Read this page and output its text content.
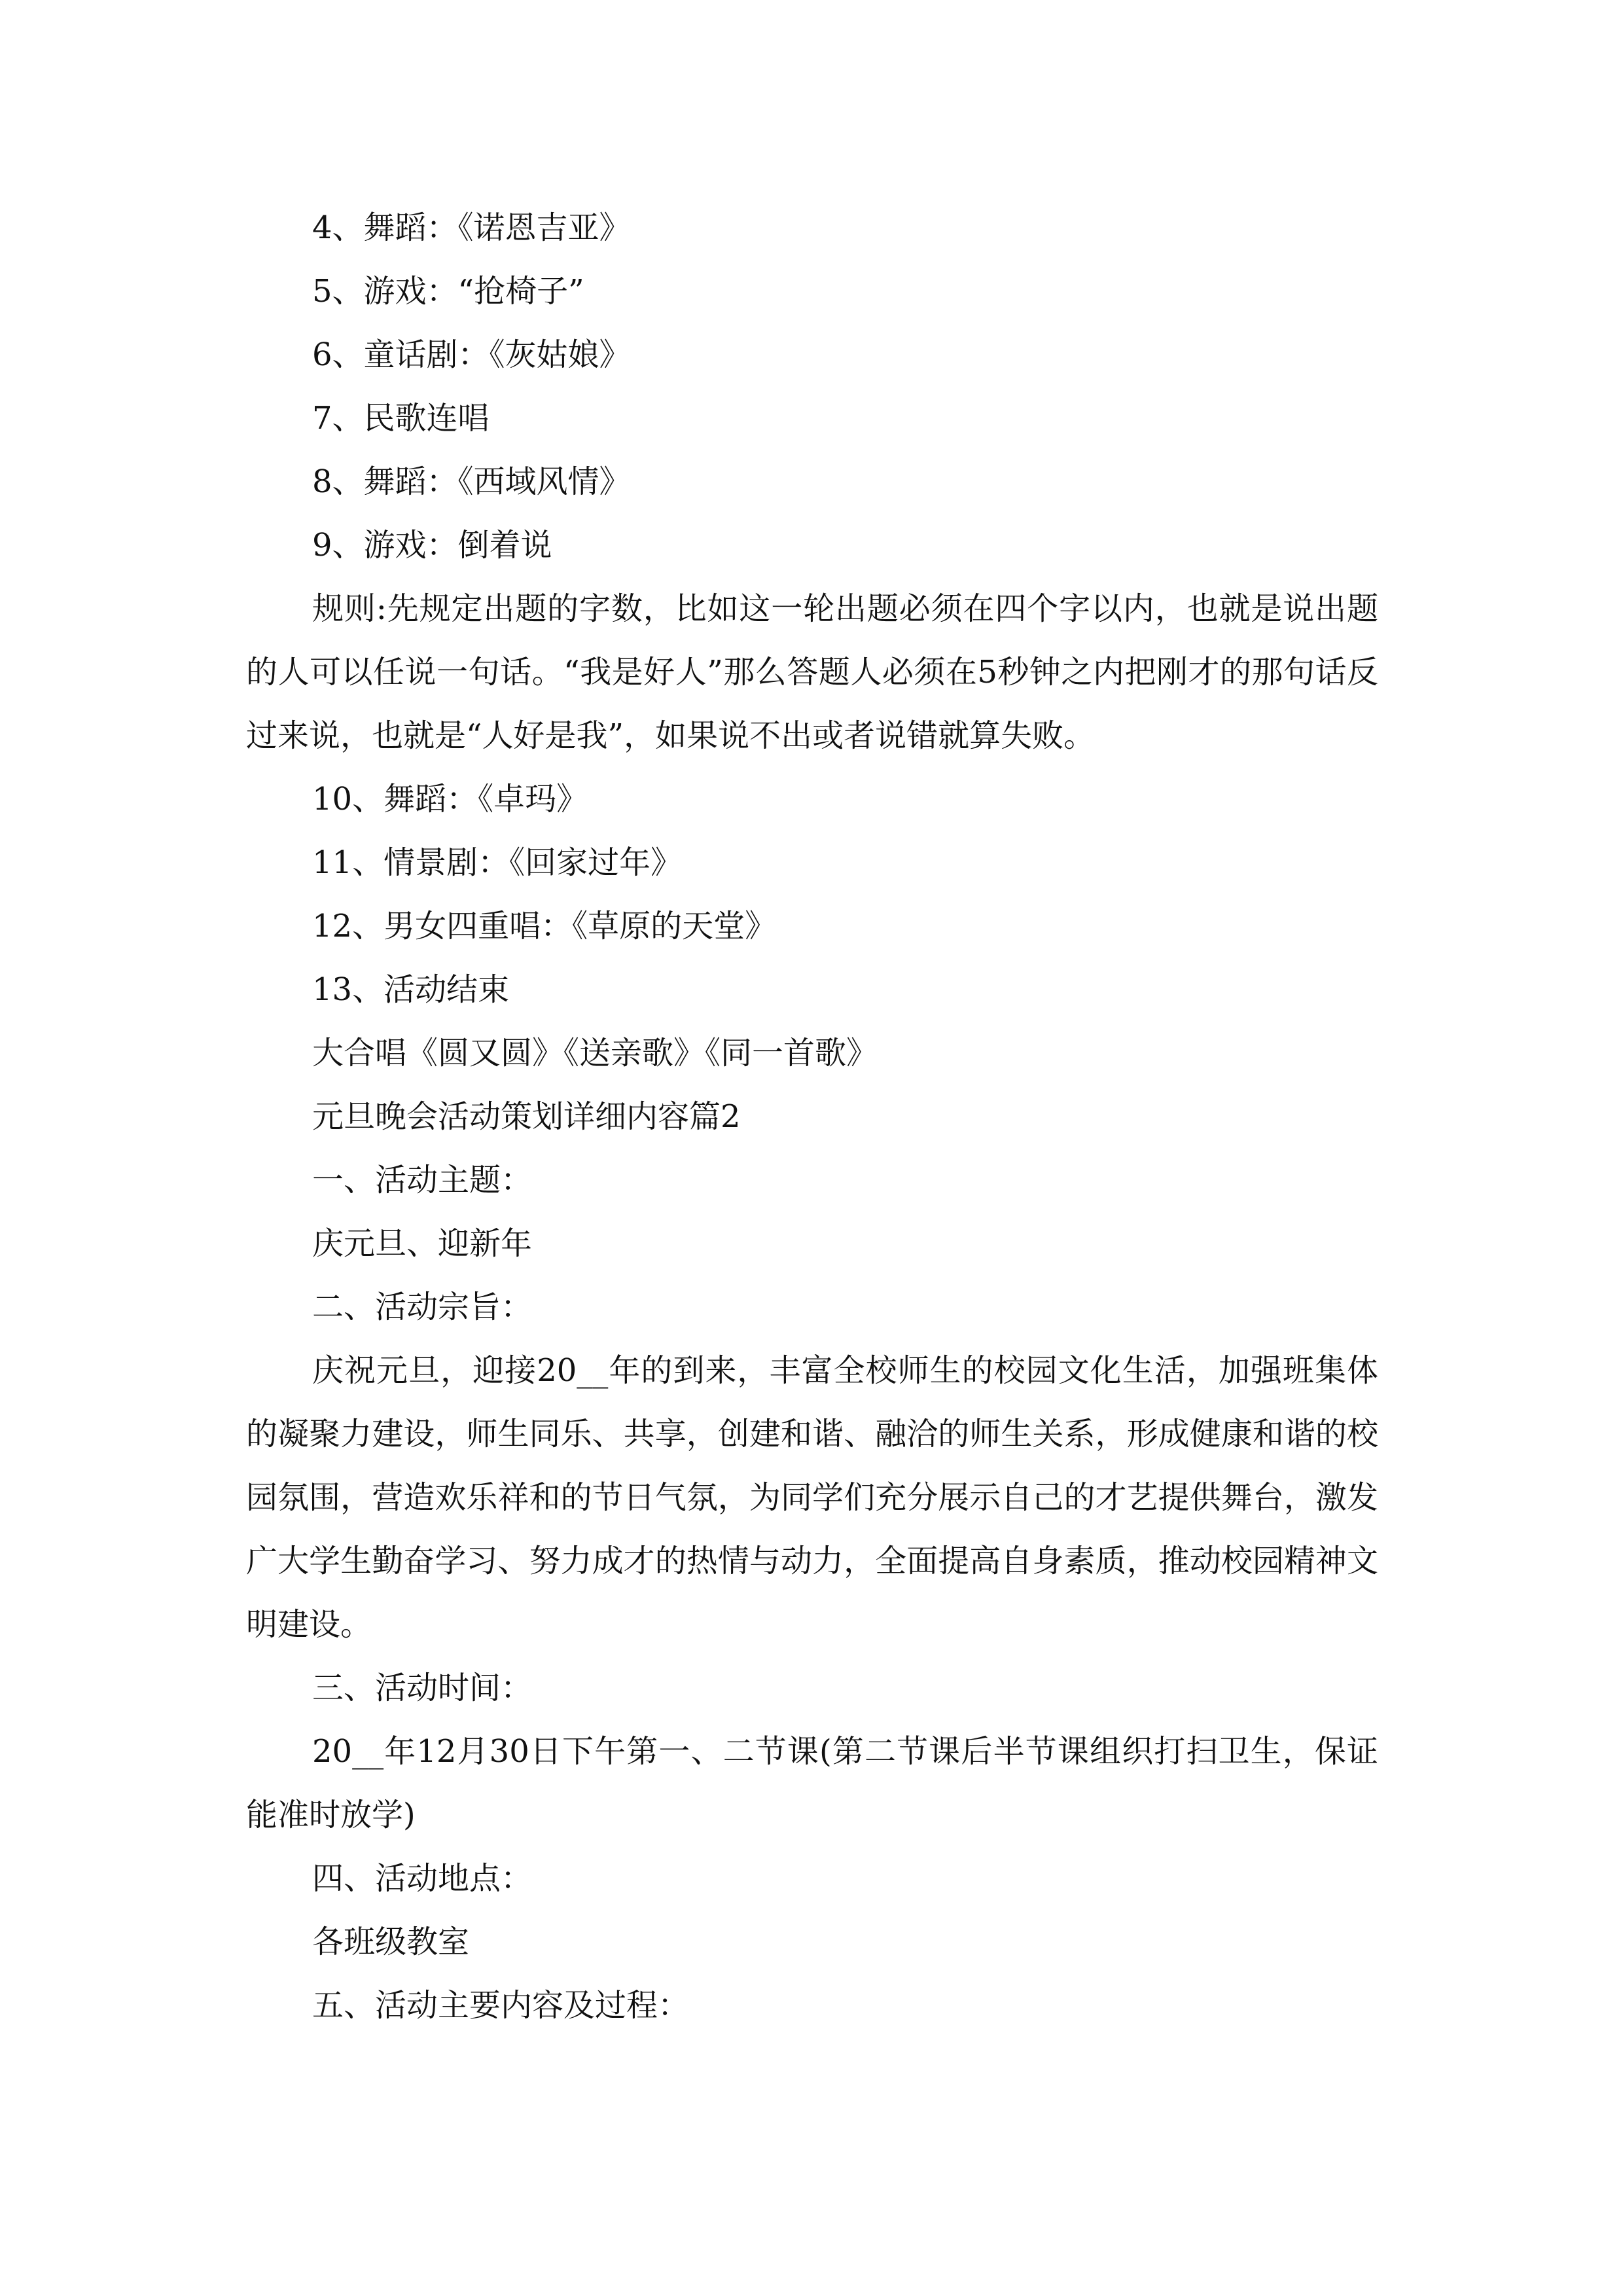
4、舞蹈：《诺恩吉亚》

5、游戏：“抢椅子”

6、童话剧：《灰姑娘》

7、民歌连唱

8、舞蹈：《西域风情》

9、游戏：倒着说

规则:先规定出题的字数，比如这一轮出题必须在四个字以内，也就是说出题的人可以任说一句话。“我是好人”那么答题人必须在5秒钟之内把刚才的那句话反过来说，也就是“人好是我”，如果说不出或者说错就算失败。

10、舞蹈：《卓玛》

11、情景剧：《回家过年》

12、男女四重唱：《草原的天堂》

13、活动结束

大合唱《圆又圆》《送亲歌》《同一首歌》

元旦晚会活动策划详细内容篇2

一、活动主题：

庆元旦、迎新年

二、活动宗旨：

庆祝元旦，迎接20__年的到来，丰富全校师生的校园文化生活，加强班集体的凝聚力建设，师生同乐、共享，创建和谐、融洽的师生关系，形成健康和谐的校园氛围，营造欢乐祥和的节日气氛，为同学们充分展示自己的才艺提供舞台，激发广大学生勤奋学习、努力成才的热情与动力，全面提高自身素质，推动校园精神文明建设。

三、活动时间：

20__年12月30日下午第一、二节课(第二节课后半节课组织打扫卫生，保证能准时放学)

四、活动地点：

各班级教室

五、活动主要内容及过程：
